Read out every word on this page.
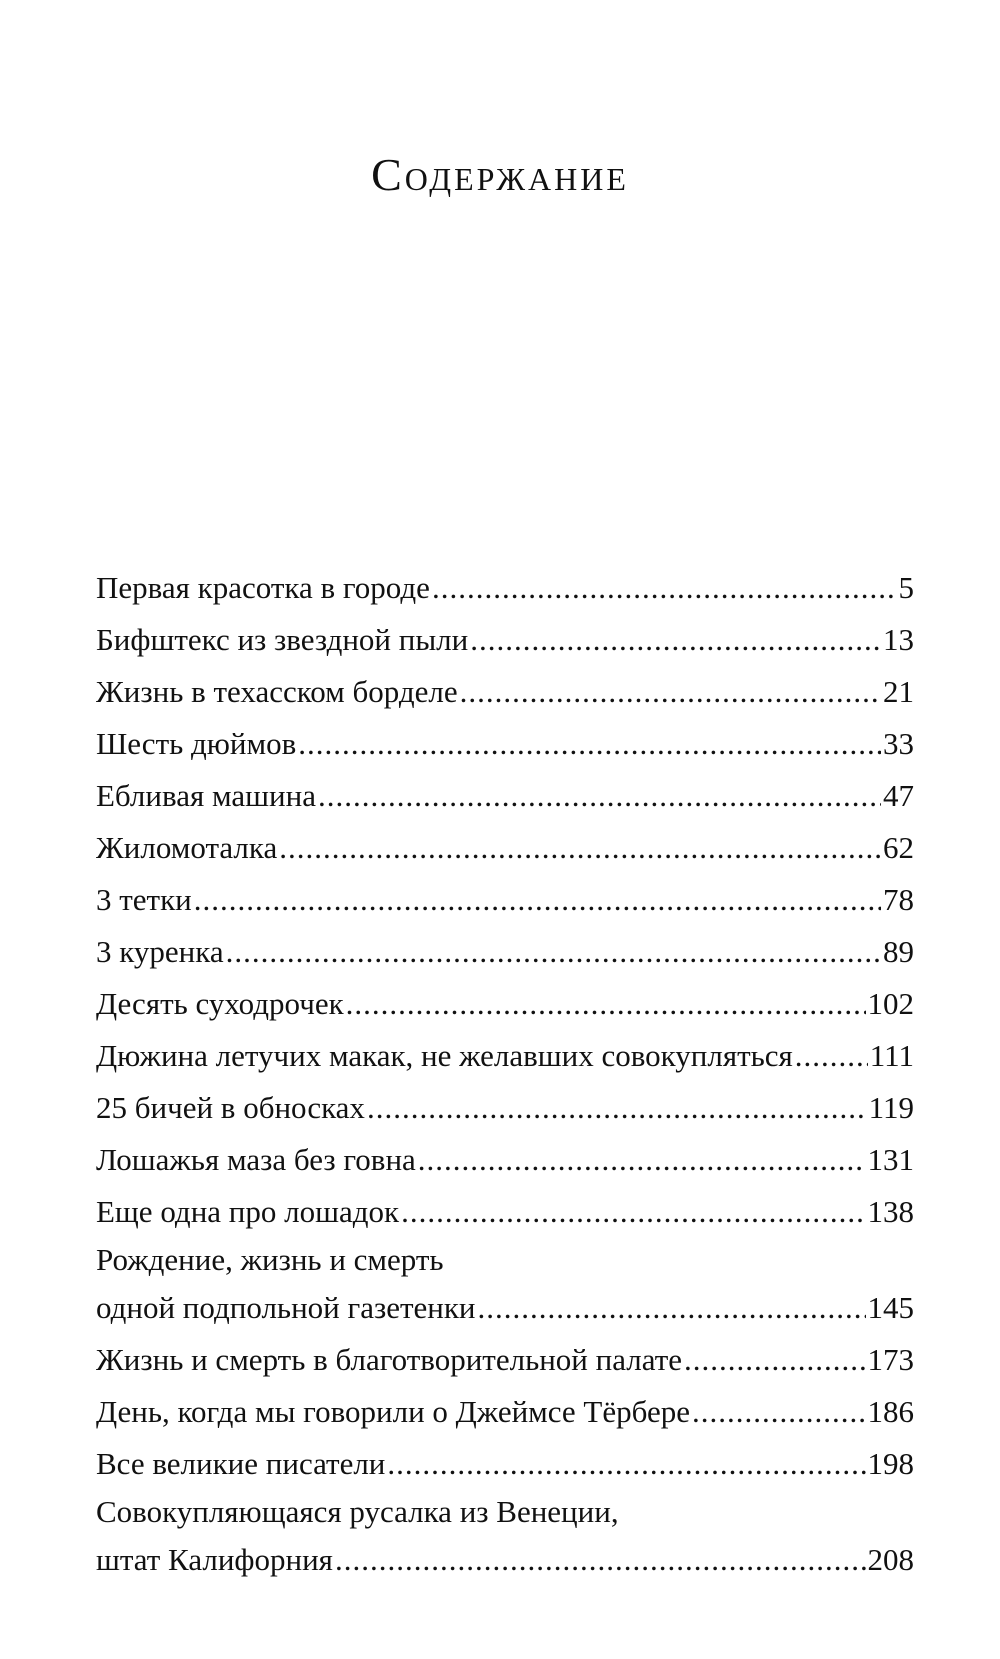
Содержание
Первая красотка в городе .....	5
Бифштекс из звездной пыли .....	13
Жизнь в техасском борделе .....	21
Шесть дюймов .....	33
Ебливая машина .....	47
Жиломоталка .....	62
3 тетки .....	78
3 куренка .....	89
Десять суходрочек .....	102
Дюжина летучих макак, не желавших совокупляться ..... 111
25 бичей в обносках .....	119
Лошажья маза без говна .....	131
Еще одна про лошадок .....	138
Рождение, жизнь и смерть
одной подпольной газетенки .....	145
Жизнь и смерть в благотворительной палате .....	173
День, когда мы говорили о Джеймсе Тёрбере .....	186
Все великие писатели .....	198
Совокупляющаяся русалка из Венеции,
штат Калифорния .....	208
